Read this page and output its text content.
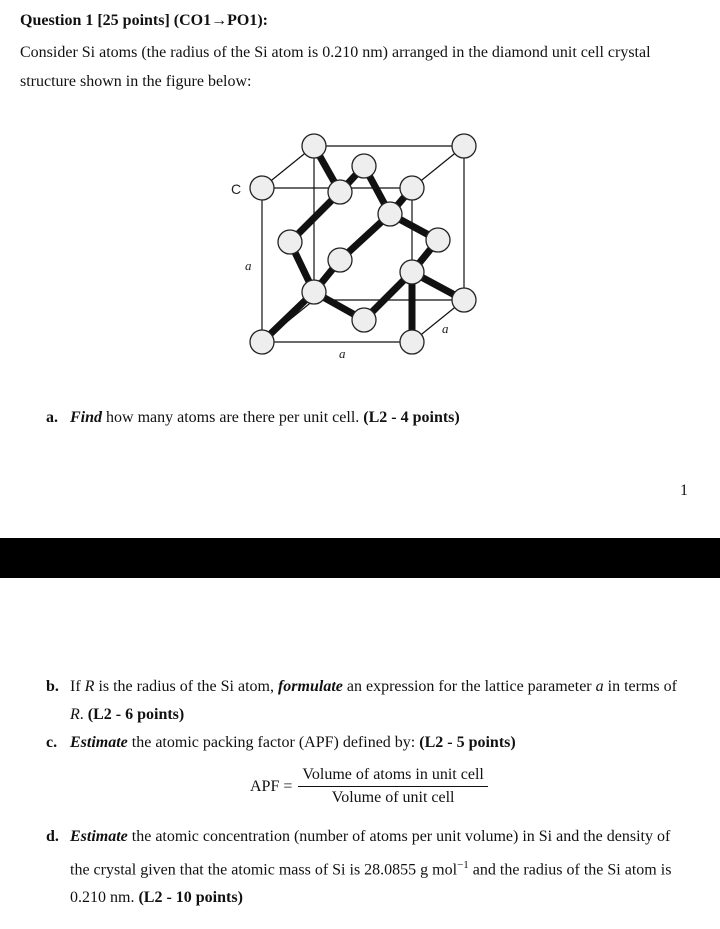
Question 1 [25 points] (CO1→PO1):
Consider Si atoms (the radius of the Si atom is 0.210 nm) arranged in the diamond unit cell crystal structure shown in the figure below:
C
a
a
a
a. Find how many atoms are there per unit cell. (L2 - 4 points)
1
b. If R is the radius of the Si atom, formulate an expression for the lattice parameter a in terms of R. (L2 - 6 points)
c. Estimate the atomic packing factor (APF) defined by: (L2 - 5 points)
APF = $\frac{\text{Volume of atoms in unit cell}}{\text{Volume of unit cell}}$
d. Estimate the atomic concentration (number of atoms per unit volume) in Si and the density of the crystal given that the atomic mass of Si is 28.0855 g mol$^{-1}$ and the radius of the Si atom is 0.210 nm. (L2 - 10 points)
